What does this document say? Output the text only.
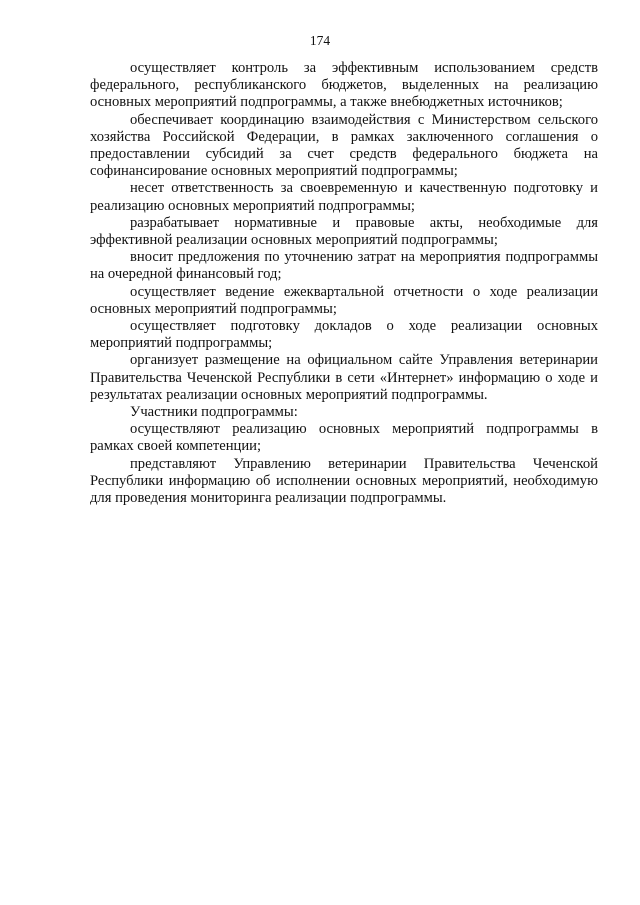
174

осуществляет контроль за эффективным использованием средств федерального, республиканского бюджетов, выделенных на реализацию основных мероприятий подпрограммы, а также внебюджетных источников;

обеспечивает координацию взаимодействия с Министерством сельского хозяйства Российской Федерации, в рамках заключенного соглашения о предоставлении субсидий за счет средств федерального бюджета на софинансирование основных мероприятий подпрограммы;

несет ответственность за своевременную и качественную подготовку и реализацию основных мероприятий подпрограммы;

разрабатывает нормативные и правовые акты, необходимые для эффективной реализации основных мероприятий подпрограммы;

вносит предложения по уточнению затрат на мероприятия подпрограммы на очередной финансовый год;

осуществляет ведение ежеквартальной отчетности о ходе реализации основных мероприятий подпрограммы;

осуществляет подготовку докладов о ходе реализации основных мероприятий подпрограммы;

организует размещение на официальном сайте Управления ветеринарии Правительства Чеченской Республики в сети «Интернет» информацию о ходе и результатах реализации основных мероприятий подпрограммы.

Участники подпрограммы:

осуществляют реализацию основных мероприятий подпрограммы в рамках своей компетенции;

представляют Управлению ветеринарии Правительства Чеченской Республики информацию об исполнении основных мероприятий, необходимую для проведения мониторинга реализации подпрограммы.
